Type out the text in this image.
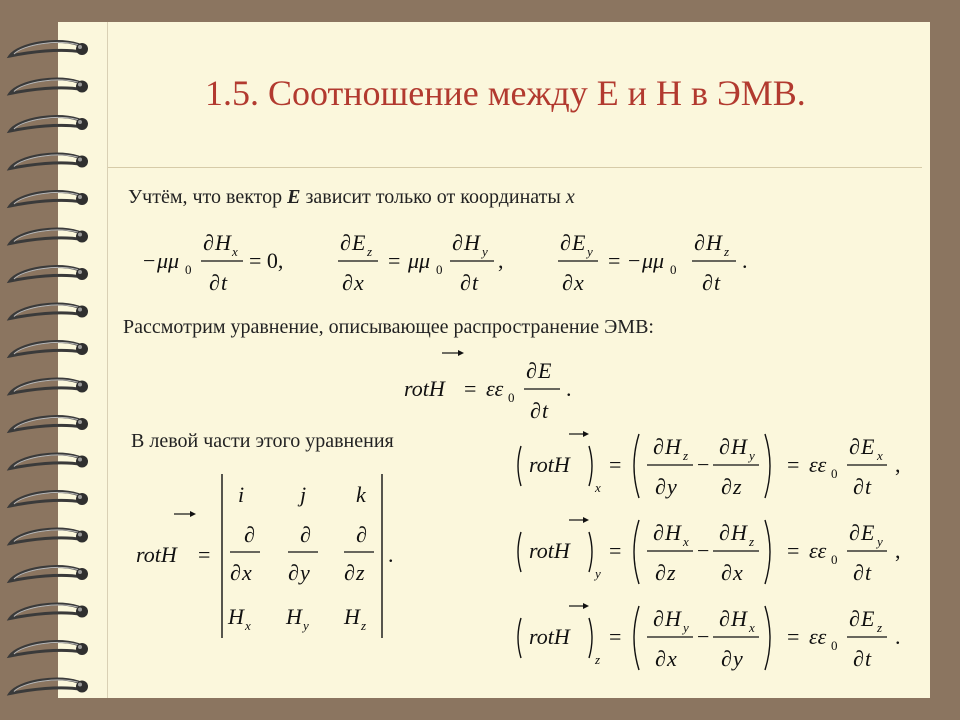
1.5. Соотношение между Е и Н в ЭМВ.
Учтём, что вектор E зависит только от координаты x
− μμ 0
∂ H x
∂ t
= 0,
∂ E z
∂ x
= μμ 0
∂ H y
∂ t
,
∂ E y
∂ x
= − μμ 0
∂ H z
∂ t
.
Рассмотрим уравнение, описывающее распространение ЭМВ:
rotH = εε 0
∂ E
∂ t
.
В левой части этого уравнения
rotH =
i	j k
∂
∂ x
∂
∂ y
∂
∂ z
H x H y H z
.
rotH
x
=
∂ H z
∂ y
−
∂ H y
∂ z
= εε 0
∂ E x
∂ t
,
rotH
y
=
∂ H x
∂ z
−
∂ H z
∂ x
= εε 0
∂ E y
∂ t
,
rotH
z
=
∂ H y
∂ x
−
∂ H x
∂ y
= εε 0
∂ E z
∂ t
.
